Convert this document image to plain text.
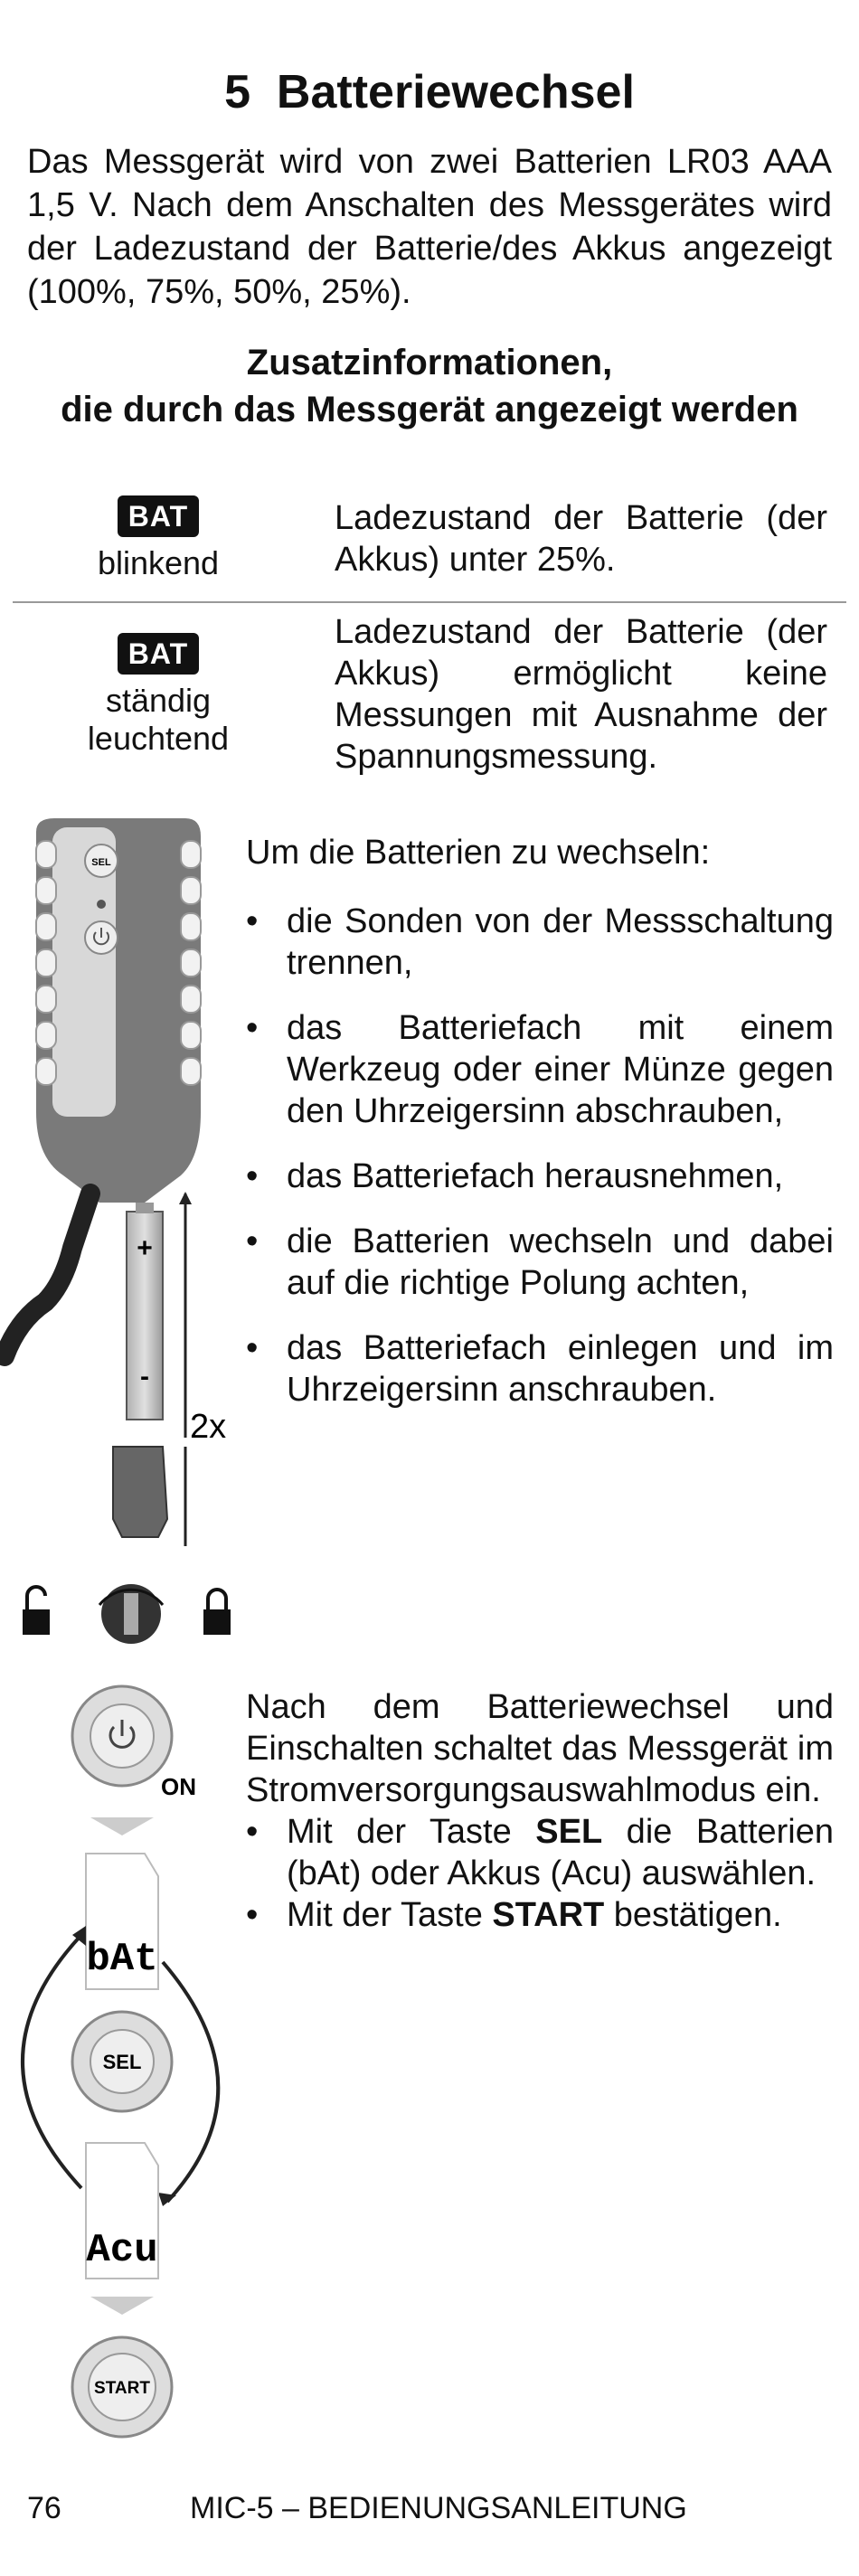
5 Batteriewechsel
Das Messgerät wird von zwei Batterien LR03 AAA 1,5 V. Nach dem Anschalten des Messgerätes wird der Ladezustand der Batterie/des Akkus angezeigt (100%, 75%, 50%, 25%).
Zusatzinformationen,
die durch das Messgerät angezeigt werden
BAT
blinkend
Ladezustand der Batterie (der Akkus) unter 25%.
BAT
ständig leuchtend
Ladezustand der Batterie (der Akkus) ermöglicht keine Messungen mit Ausnahme der Spannungsmessung.
SEL
+
-
2x
ON
bAt
SEL
Acu
START
Um die Batterien zu wechseln:
• die Sonden von der Messschaltung trennen,
• das Batteriefach mit einem Werkzeug oder einer Münze gegen den Uhrzeigersinn abschrauben,
• das Batteriefach herausnehmen,
• die Batterien wechseln und dabei auf die richtige Polung achten,
• das Batteriefach einlegen und im Uhrzeigersinn anschrauben.
Nach dem Batteriewechsel und Einschalten schaltet das Messgerät im Stromversorgungsauswahlmodus ein.
• Mit der Taste SEL die Batterien (bAt) oder Akkus (Acu) auswählen.
• Mit der Taste START bestätigen.
76	MIC-5 – BEDIENUNGSANLEITUNG
